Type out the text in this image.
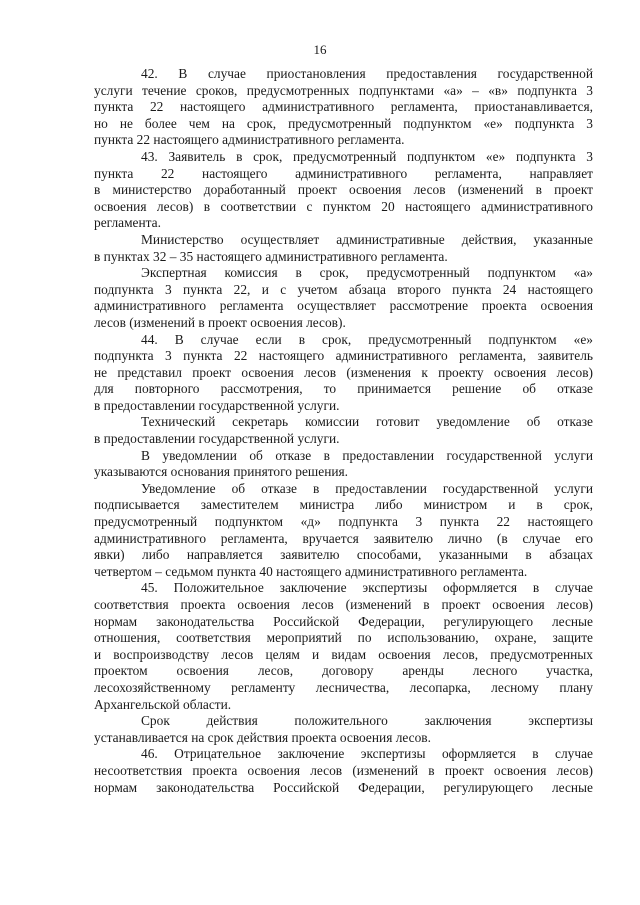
16
42. В случае приостановления предоставления государственной
услуги течение сроков, предусмотренных подпунктами «а» – «в» подпункта 3
пункта 22 настоящего административного регламента, приостанавливается,
но не более чем на срок, предусмотренный подпунктом «е» подпункта 3
пункта 22 настоящего административного регламента.
43. Заявитель в срок, предусмотренный подпунктом «е» подпункта 3
пункта 22 настоящего административного регламента, направляет
в министерство доработанный проект освоения лесов (изменений в проект
освоения лесов) в соответствии с пунктом 20 настоящего административного
регламента.
Министерство осуществляет административные действия, указанные
в пунктах 32 – 35 настоящего административного регламента.
Экспертная комиссия в срок, предусмотренный подпунктом «а»
подпункта 3 пункта 22, и с учетом абзаца второго пункта 24 настоящего
административного регламента осуществляет рассмотрение проекта освоения
лесов (изменений в проект освоения лесов).
44. В случае если в срок, предусмотренный подпунктом «е»
подпункта 3 пункта 22 настоящего административного регламента, заявитель
не представил проект освоения лесов (изменения к проекту освоения лесов)
для повторного рассмотрения, то принимается решение об отказе
в предоставлении государственной услуги.
Технический секретарь комиссии готовит уведомление об отказе
в предоставлении государственной услуги.
В уведомлении об отказе в предоставлении государственной услуги
указываются основания принятого решения.
Уведомление об отказе в предоставлении государственной услуги
подписывается заместителем министра либо министром и в срок,
предусмотренный подпунктом «д» подпункта 3 пункта 22 настоящего
административного регламента, вручается заявителю лично (в случае его
явки) либо направляется заявителю способами, указанными в абзацах
четвертом – седьмом пункта 40 настоящего административного регламента.
45. Положительное заключение экспертизы оформляется в случае
соответствия проекта освоения лесов (изменений в проект освоения лесов)
нормам законодательства Российской Федерации, регулирующего лесные
отношения, соответствия мероприятий по использованию, охране, защите
и воспроизводству лесов целям и видам освоения лесов, предусмотренных
проектом освоения лесов, договору аренды лесного участка,
лесохозяйственному регламенту лесничества, лесопарка, лесному плану
Архангельской области.
Срок действия положительного заключения экспертизы
устанавливается на срок действия проекта освоения лесов.
46. Отрицательное заключение экспертизы оформляется в случае
несоответствия проекта освоения лесов (изменений в проект освоения лесов)
нормам законодательства Российской Федерации, регулирующего лесные
